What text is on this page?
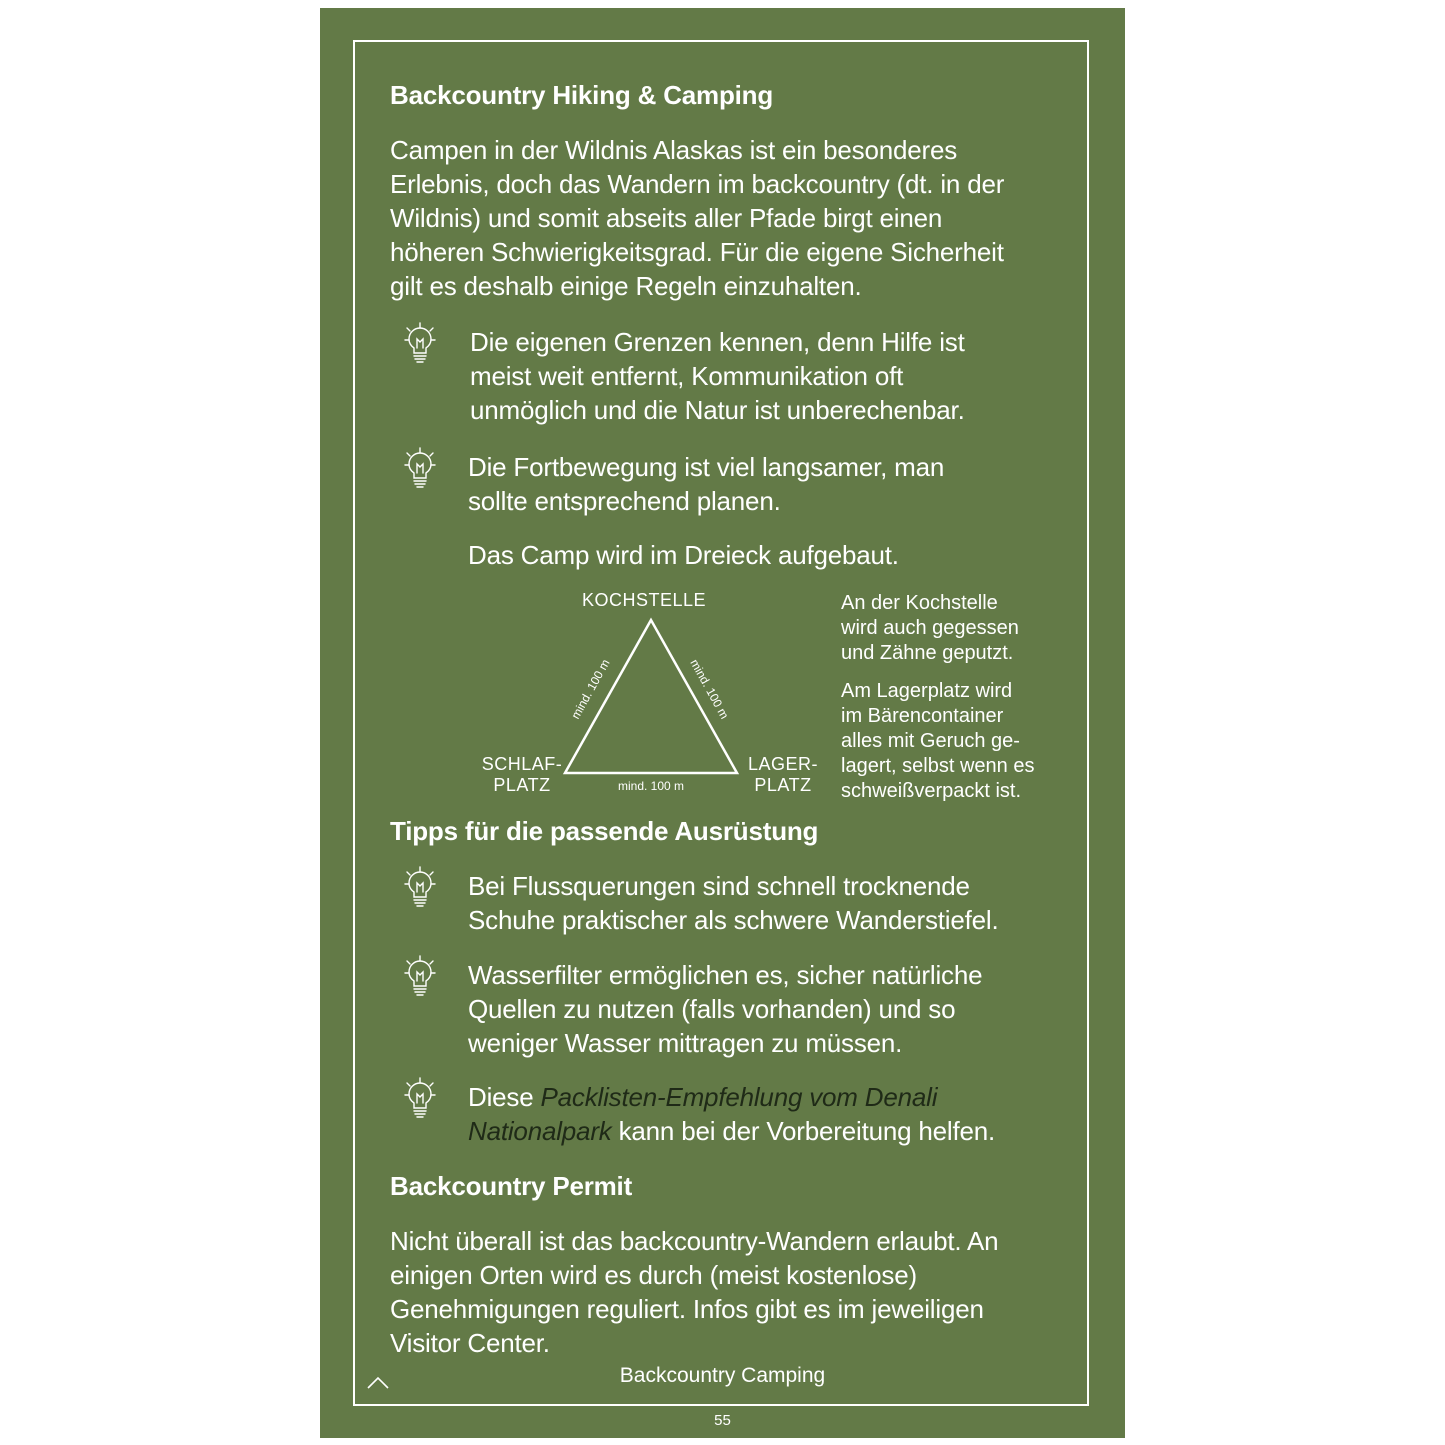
Backcountry Hiking & Camping
Campen in der Wildnis Alaskas ist ein besonderes
Erlebnis, doch das Wandern im backcountry (dt. in der
Wildnis) und somit abseits aller Pfade birgt einen
höheren Schwierigkeitsgrad. Für die eigene Sicherheit
gilt es deshalb einige Regeln einzuhalten.
Die eigenen Grenzen kennen, denn Hilfe ist
meist weit entfernt, Kommunikation oft
unmöglich und die Natur ist unberechenbar.
Die Fortbewegung ist viel langsamer, man
sollte entsprechend planen.
Das Camp wird im Dreieck aufgebaut.
KOCHSTELLE
SCHLAF-
PLATZ
LAGER-
PLATZ
mind. 100 m	mind. 100 m
mind. 100 m
An der Kochstelle
wird auch gegessen
und Zähne geputzt.
Am Lagerplatz wird
im Bärencontainer
alles mit Geruch ge-
lagert, selbst wenn es
schweißverpackt ist.
Tipps für die passende Ausrüstung
Bei Flussquerungen sind schnell trocknende
Schuhe praktischer als schwere Wanderstiefel.
Wasserfilter ermöglichen es, sicher natürliche
Quellen zu nutzen (falls vorhanden) und so
weniger Wasser mittragen zu müssen.
Diese Packlisten-Empfehlung vom Denali
Nationalpark kann bei der Vorbereitung helfen.
Backcountry Permit
Nicht überall ist das backcountry-Wandern erlaubt. An
einigen Orten wird es durch (meist kostenlose)
Genehmigungen reguliert. Infos gibt es im jeweiligen
Visitor Center.
Backcountry Camping
55
